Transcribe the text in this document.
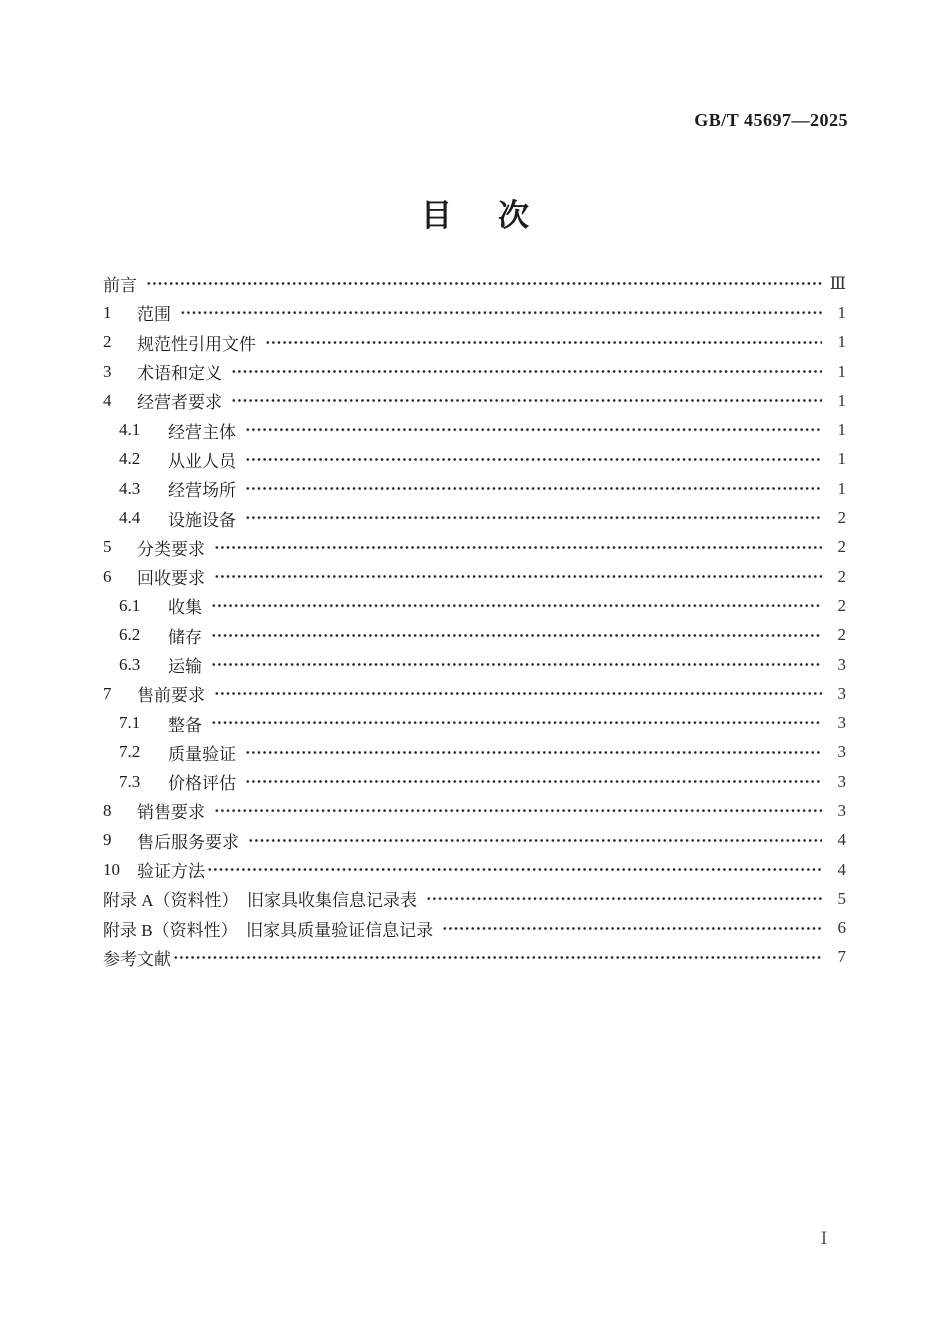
GB/T 45697—2025
目 次
前言	Ⅲ
1	范围	1
2	规范性引用文件	1
3	术语和定义	1
4	经营者要求	1
4.1	经营主体	1
4.2	从业人员	1
4.3	经营场所	1
4.4	设施设备	2
5	分类要求	2
6	回收要求	2
6.1	收集	2
6.2	储存	2
6.3	运输	3
7	售前要求	3
7.1	整备	3
7.2	质量验证	3
7.3	价格评估	3
8	销售要求	3
9	售后服务要求	4
10	验证方法	4
附录 A（资料性）　旧家具收集信息记录表	5
附录 B（资料性）　旧家具质量验证信息记录	6
参考文献	7
Ⅰ
